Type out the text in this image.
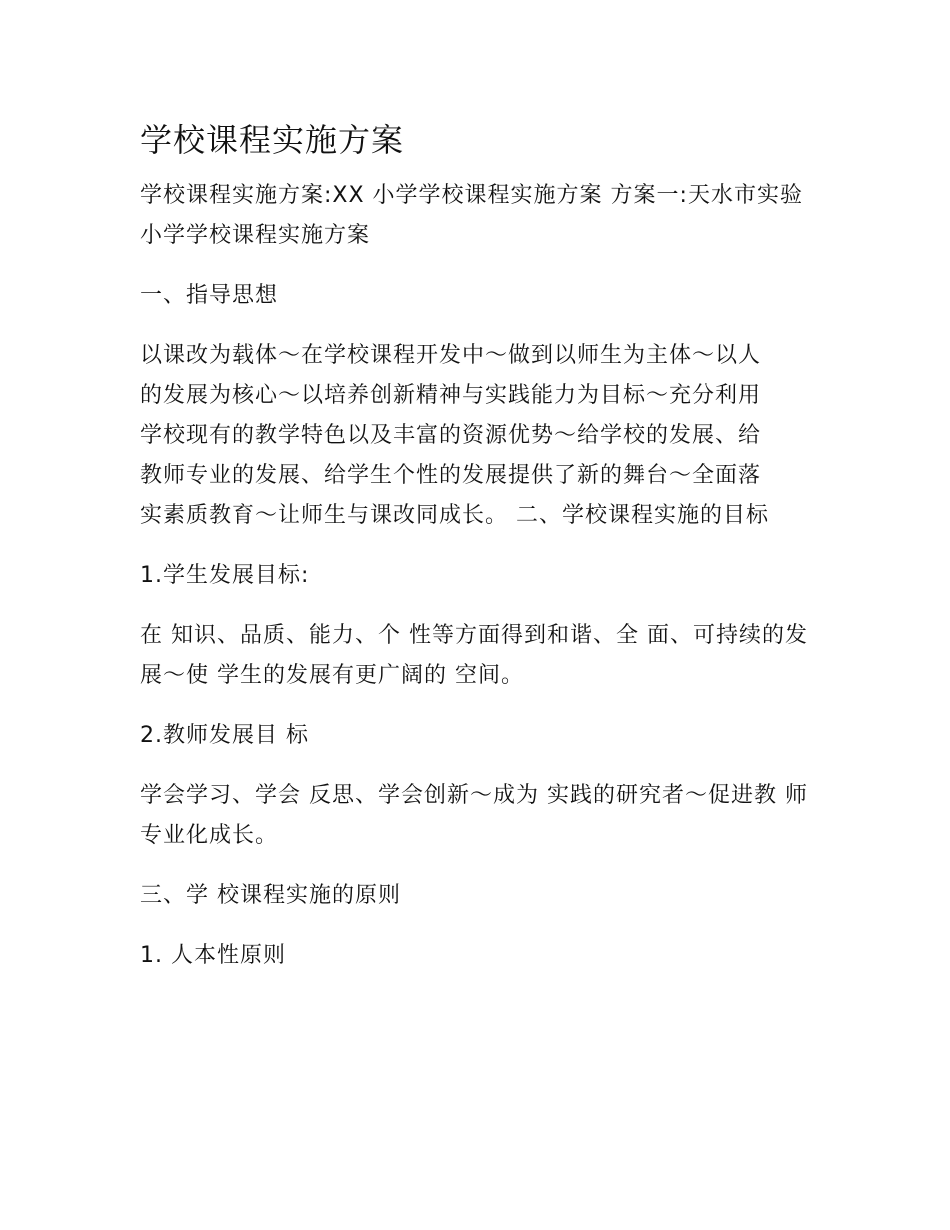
学校课程实施方案

学校课程实施方案:XX 小学学校课程实施方案 方案一:天水市实验小学学校课程实施方案

一、指导思想

以课改为载体～在学校课程开发中～做到以师生为主体～以人的发展为核心～以培养创新精神与实践能力为目标～充分利用学校现有的教学特色以及丰富的资源优势～给学校的发展、给教师专业的发展、给学生个性的发展提供了新的舞台～全面落实素质教育～让师生与课改同成长。 二、学校课程实施的目标

1.学生发展目标:

在 知识、品质、能力、个 性等方面得到和谐、全 面、可持续的发展～使 学生的发展有更广阔的 空间。

2.教师发展目 标

学会学习、学会 反思、学会创新～成为 实践的研究者～促进教 师专业化成长。

三、学 校课程实施的原则

1. 人本性原则
